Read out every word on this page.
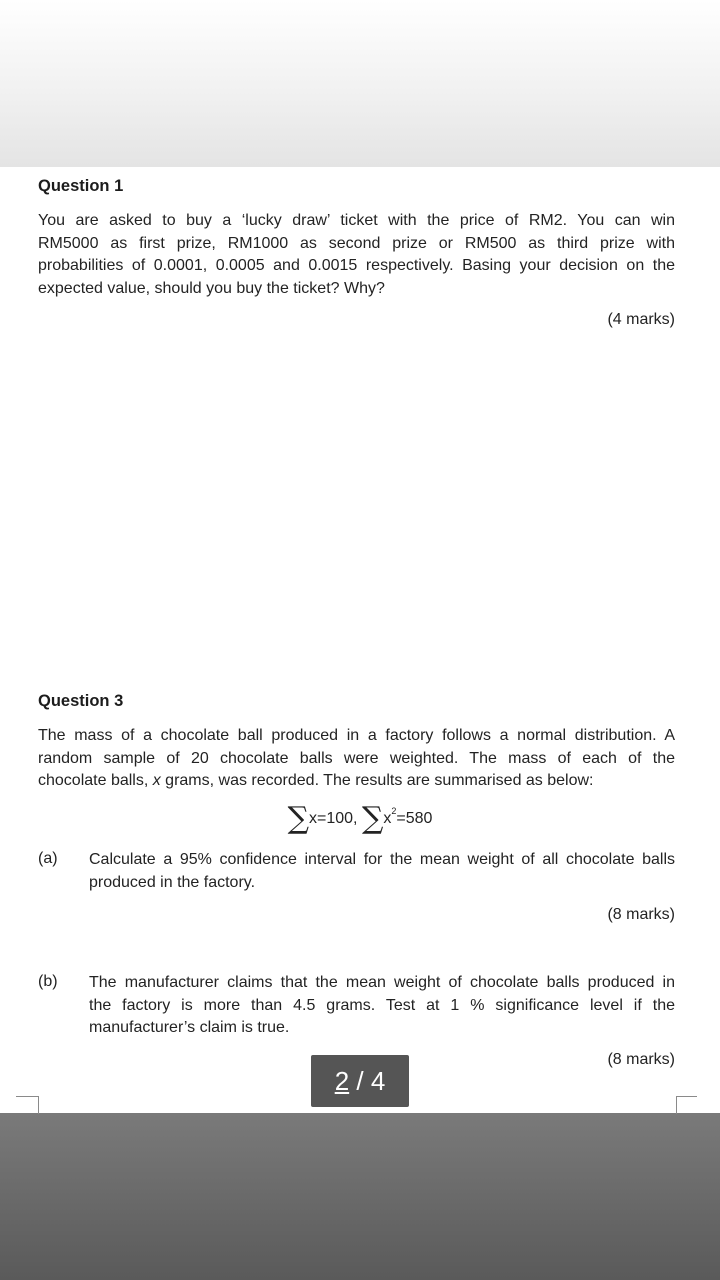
Question 1
You are asked to buy a ‘lucky draw’ ticket with the price of RM2. You can win
RM5000 as first prize, RM1000 as second prize or RM500 as third prize with
probabilities of 0.0001, 0.0005 and 0.0015 respectively. Basing your decision on the
expected value, should you buy the ticket? Why?
(4 marks)
Question 3
The mass of a chocolate ball produced in a factory follows a normal distribution. A
random sample of 20 chocolate balls were weighted. The mass of each of the
chocolate balls, x grams, was recorded. The results are summarised as below:
∑x=100, $\sum x^2=580$
(a) Calculate a 95% confidence interval for the mean weight of all chocolate balls
produced in the factory.
(8 marks)
(b) The manufacturer claims that the mean weight of chocolate balls produced in
the factory is more than 4.5 grams. Test at 1 % significance level if the
manufacturer’s claim is true.
(8 marks)
2 / 4
